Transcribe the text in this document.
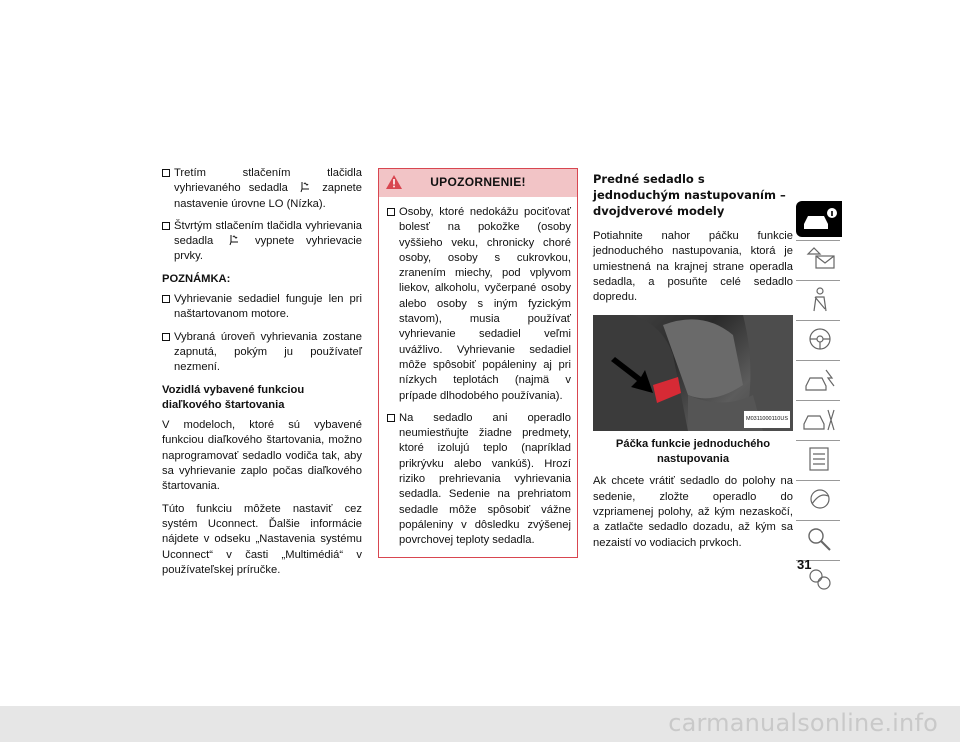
Tretím stlačením tlačidla vyhrievaného sedadla	zapnete nastavenie úrovne LO (Nízka).
Štvrtým stlačením tlačidla vyhrievania sedadla	vypnete vyhrievacie prvky.
POZNÁMKA:
Vyhrievanie sedadiel funguje len pri naštartovanom motore.
Vybraná úroveň vyhrievania zostane zapnutá, pokým ju používateľ nezmení.
Vozidlá vybavené funkciou diaľkového štartovania
V modeloch, ktoré sú vybavené funkciou diaľkového štartovania, možno naprogramovať sedadlo vodiča tak, aby sa vyhrievanie zaplo počas diaľkového štartovania.
Túto funkciu môžete nastaviť cez systém Uconnect. Ďalšie informácie nájdete v odseku „Nastavenia systému Uconnect“ v časti „Multimédiá“ v používateľskej príručke.
UPOZORNENIE!
Osoby, ktoré nedokážu pociťovať bolesť na pokožke (osoby vyššieho veku, chronicky choré osoby, osoby s cukrovkou, zranením miechy, pod vplyvom liekov, alkoholu, vyčerpané osoby alebo osoby s iným fyzickým stavom), musia používať vyhrievanie sedadiel veľmi uvážlivo. Vyhrievanie sedadiel môže spôsobiť popáleniny aj pri nízkych teplotách (najmä v prípade dlhodobého používania).
Na sedadlo ani operadlo neumiestňujte žiadne predmety, ktoré izolujú teplo (napríklad prikrývku alebo vankúš). Hrozí riziko prehrievania vyhrievania sedadla. Sedenie na prehriatom sedadle môže spôsobiť vážne popáleniny v dôsledku zvýšenej povrchovej teploty sedadla.
Predné sedadlo s jednoduchým nastupovaním – dvojdverové modely
Potiahnite nahor páčku funkcie jednoduchého nastupovania, ktorá je umiestnená na krajnej strane operadla sedadla, a posuňte celé sedadlo dopredu.
M0311000110US
Páčka funkcie jednoduchého nastupovania
Ak chcete vrátiť sedadlo do polohy na sedenie, zložte operadlo do vzpriamenej polohy, až kým nezaskočí, a zatlačte sedadlo dozadu, až kým sa nezaistí vo vodiacich prvkoch.
31
carmanualsonline.info
